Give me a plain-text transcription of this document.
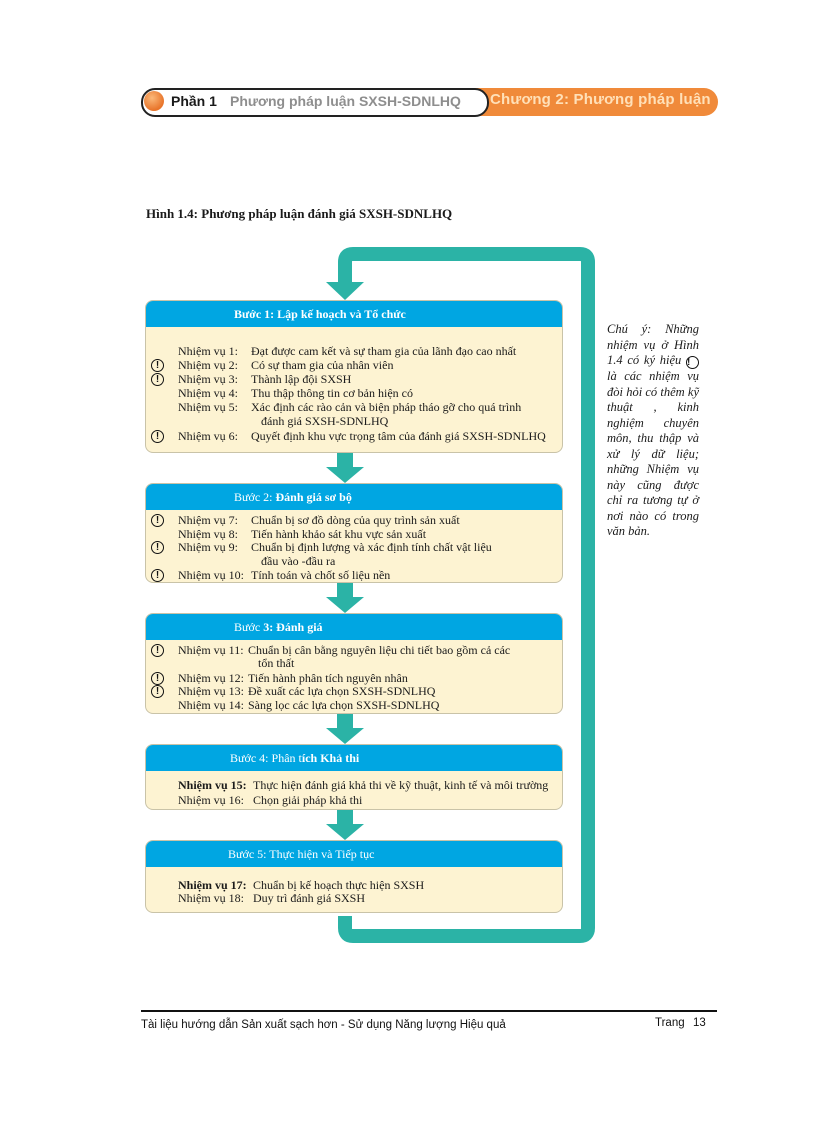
Chương 2: Phương pháp luận
Phần 1 Phương pháp luận SXSH-SDNLHQ
Hình 1.4: Phương pháp luận đánh giá SXSH-SDNLHQ
Bước 1: Lập kế hoạch và Tổ chức
Nhiệm vụ 1: Đạt được cam kết và sự tham gia của lãnh đạo cao nhất
!	Nhiệm vụ 2: Có sự tham gia của nhân viên
!	Nhiệm vụ 3: Thành lập đội SXSH
Nhiệm vụ 4: Thu thập thông tin cơ bản hiện có
Nhiệm vụ 5: Xác định các rào cản và biện pháp tháo gỡ cho quá trình
đánh giá SXSH-SDNLHQ
!	Nhiệm vụ 6: Quyết định khu vực trọng tâm của đánh giá SXSH-SDNLHQ
Bước 2: Đánh giá sơ bộ
!	Nhiệm vụ 7: Chuẩn bị sơ đồ dòng của quy trình sản xuất
Nhiệm vụ 8: Tiến hành khảo sát khu vực sản xuất
!	Nhiệm vụ 9: Chuẩn bị định lượng và xác định tính chất vật liệu
đầu vào -đầu ra
!	Nhiệm vụ 10: Tính toán và chốt số liệu nền
Bước 3: Đánh giá
!	Nhiệm vụ 11: Chuẩn bị cân bằng nguyên liệu chi tiết bao gồm cả các
tổn thất
!	Nhiệm vụ 12: Tiến hành phân tích nguyên nhân
!	Nhiệm vụ 13: Đề xuất các lựa chọn SXSH-SDNLHQ
Nhiệm vụ 14: Sàng lọc các lựa chọn SXSH-SDNLHQ
Bước 4: Phân tích Khả thi
Nhiệm vụ 15: Thực hiện đánh giá khả thi về kỹ thuật, kinh tế và môi trường
Nhiệm vụ 16: Chọn giải pháp khả thi
Bước 5: Thực hiện và Tiếp tục
Nhiệm vụ 17: Chuẩn bị kế hoạch thực hiện SXSH
Nhiệm vụ 18: Duy trì đánh giá SXSH
Chú ý: Những nhiệm vụ ở Hình 1.4 có ký hiệu ! là các nhiệm vụ đòi hỏi có thêm kỹ thuật , kinh nghiệm chuyên môn, thu thập và xử lý dữ liệu; những Nhiệm vụ này cũng được chỉ ra tương tự ở nơi nào có trong văn bản.
Tài liệu hướng dẫn Sản xuất sạch hơn - Sử dụng Năng lượng Hiệu quả	Trang 13
